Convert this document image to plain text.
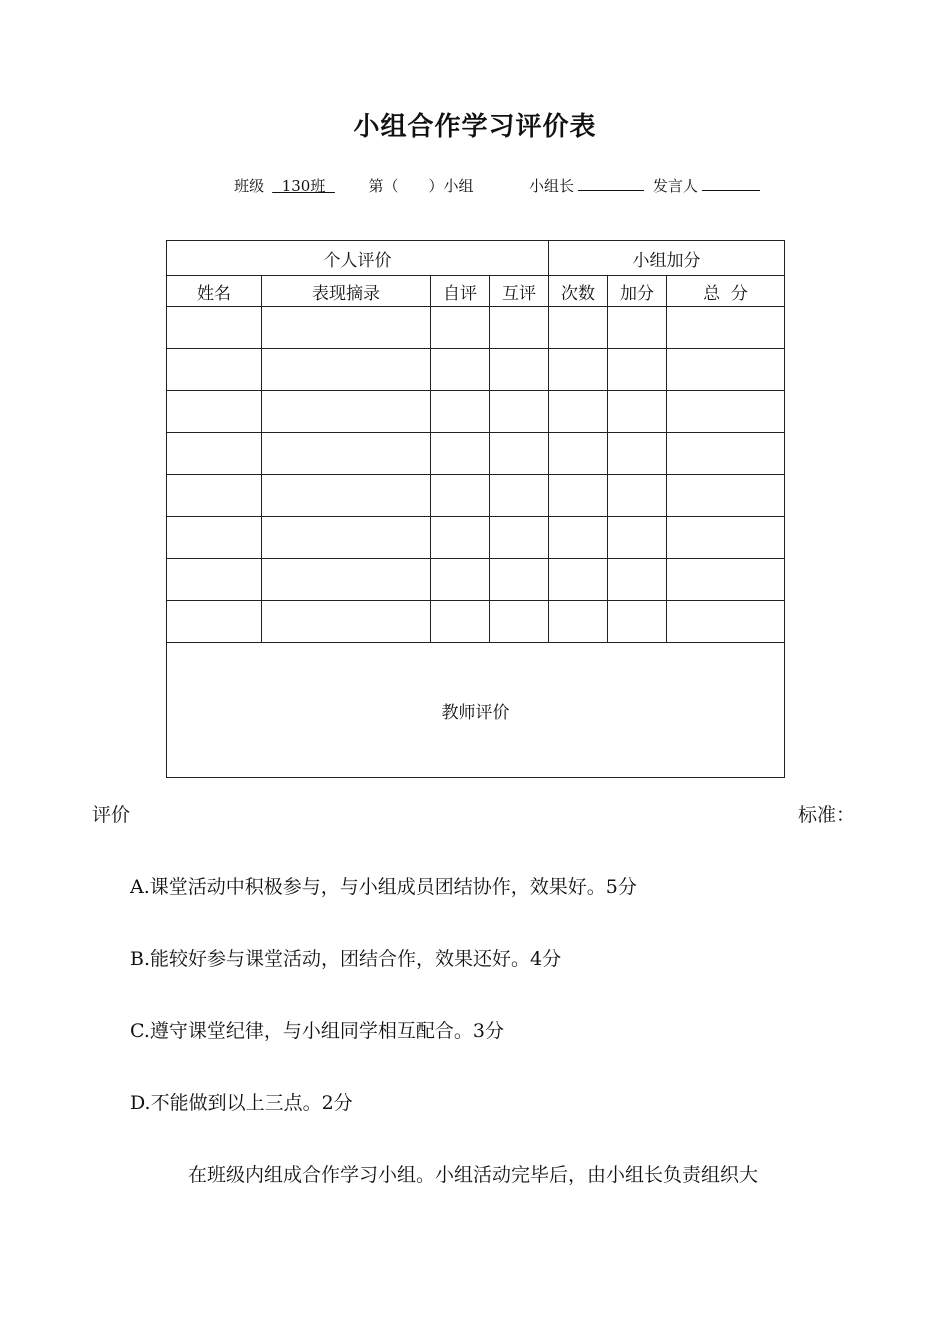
小组合作学习评价表
班级 130班	第（ ）小组	小组长	发言人
个人评价				小组加分		
姓名	表现摘录	自评	互评	次数	加分	总  分

教师评价						
评价	标准：
A.课堂活动中积极参与，与小组成员团结协作，效果好。5分
B.能较好参与课堂活动，团结合作，效果还好。4分
C.遵守课堂纪律，与小组同学相互配合。3分
D.不能做到以上三点。2分
在班级内组成合作学习小组。小组活动完毕后，由小组长负责组织大
